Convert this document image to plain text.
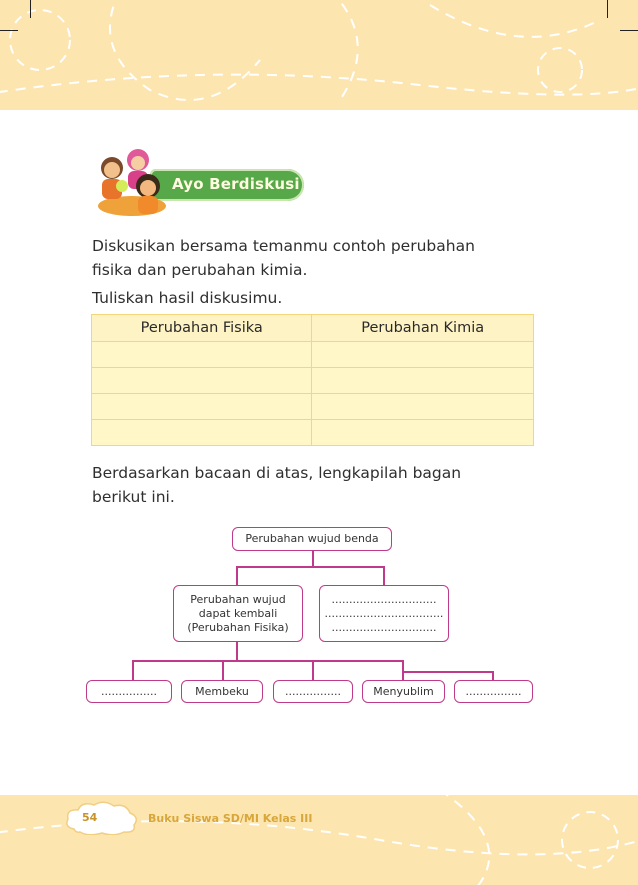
Ayo Berdiskusi
Diskusikan bersama temanmu contoh perubahan
fisika dan perubahan kimia.
Tuliskan hasil diskusimu.
Perubahan Fisika	Perubahan Kimia

Berdasarkan bacaan di atas, lengkapilah bagan
berikut ini.
Perubahan wujud benda
Perubahan wujud
dapat kembali
(Perubahan Fisika)
..............................
..................................
..............................
................	Membeku	................	Menyublim	................
54	Buku Siswa SD/MI Kelas III
